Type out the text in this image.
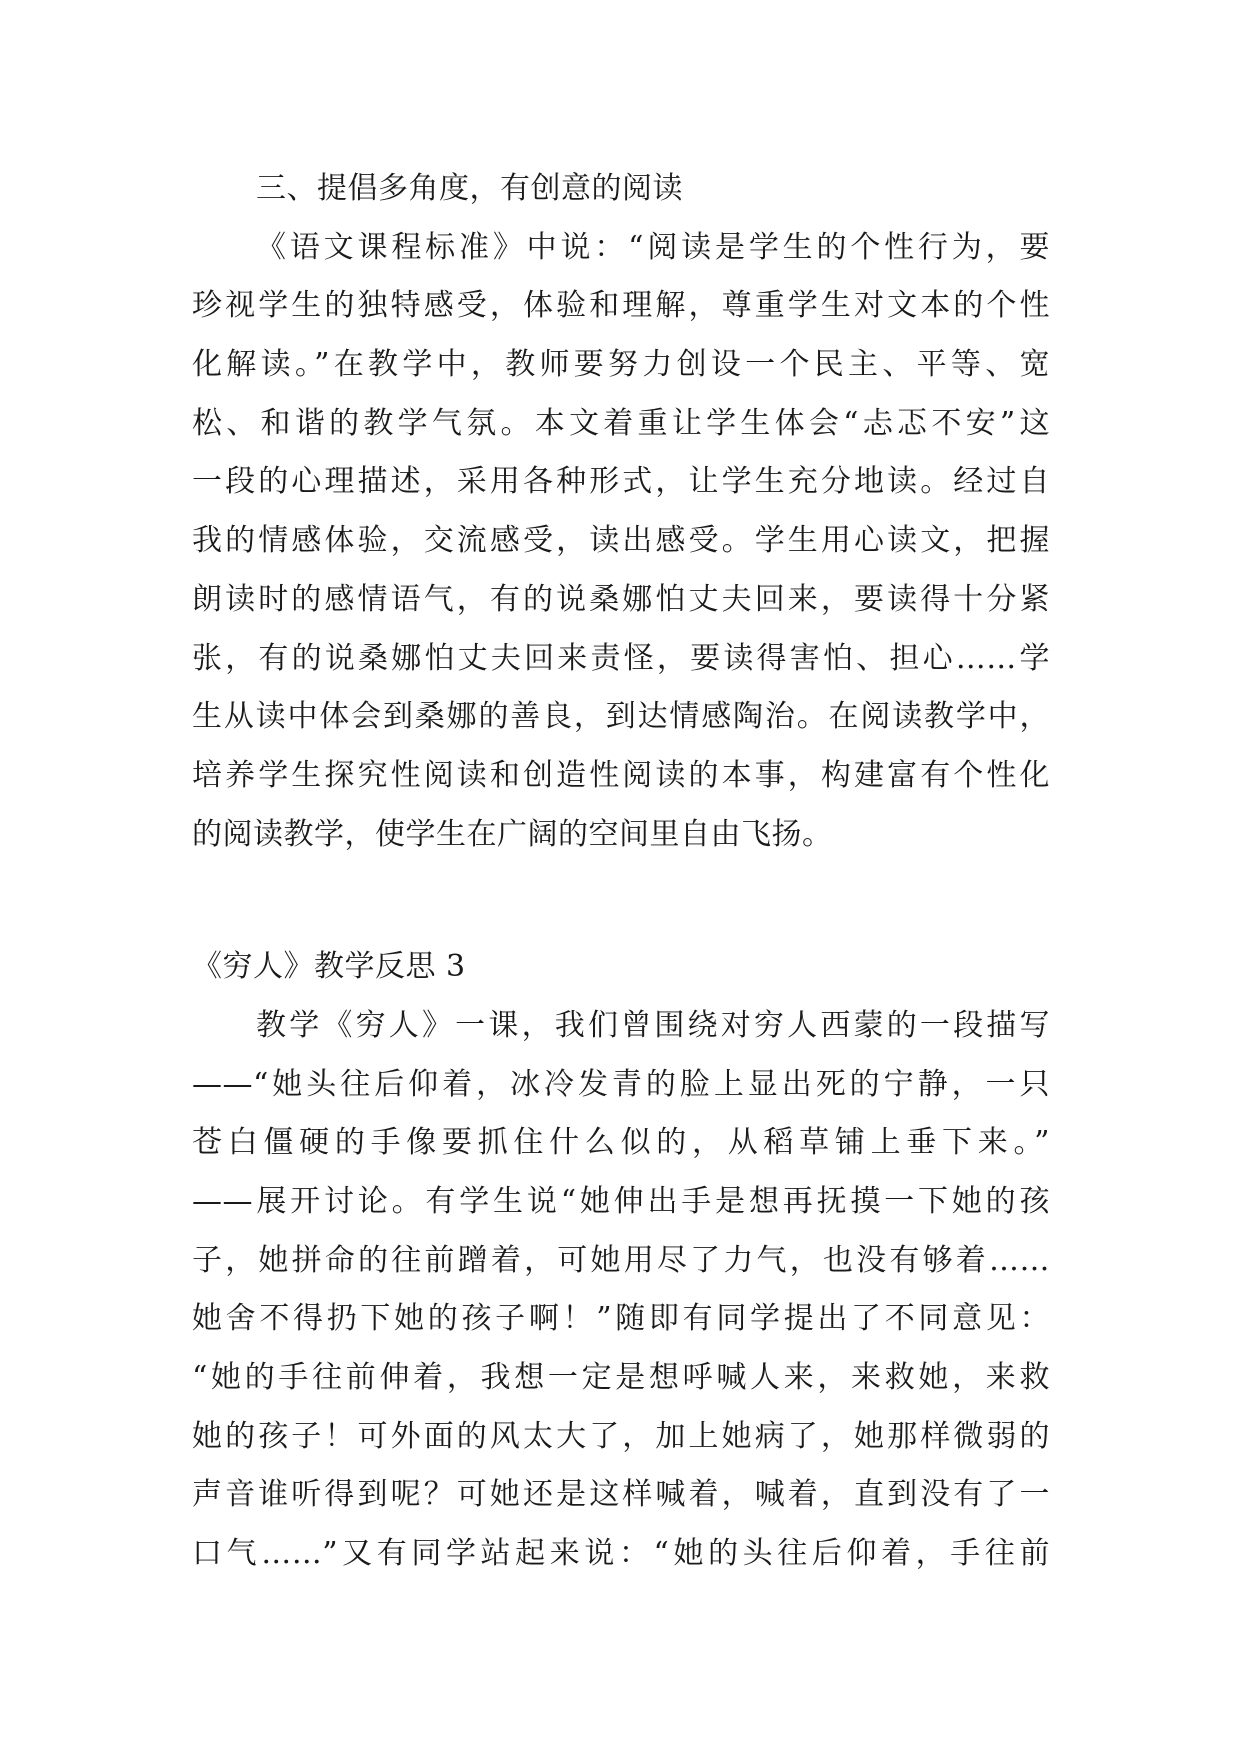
三、提倡多角度，有创意的阅读
《语文课程标准》中说：“阅读是学生的个性行为，要
珍视学生的独特感受，体验和理解，尊重学生对文本的个性
化解读。”在教学中，教师要努力创设一个民主、平等、宽
松、和谐的教学气氛。本文着重让学生体会“忐忑不安”这
一段的心理描述，采用各种形式，让学生充分地读。经过自
我的情感体验，交流感受，读出感受。学生用心读文，把握
朗读时的感情语气，有的说桑娜怕丈夫回来，要读得十分紧
张，有的说桑娜怕丈夫回来责怪，要读得害怕、担心……学
生从读中体会到桑娜的善良，到达情感陶治。在阅读教学中，
培养学生探究性阅读和创造性阅读的本事，构建富有个性化
的阅读教学，使学生在广阔的空间里自由飞扬。
《穷人》教学反思 3
教学《穷人》一课，我们曾围绕对穷人西蒙的一段描写
——“她头往后仰着，冰冷发青的脸上显出死的宁静，一只
苍白僵硬的手像要抓住什么似的，从稻草铺上垂下来。”
——展开讨论。有学生说“她伸出手是想再抚摸一下她的孩
子，她拼命的往前蹭着，可她用尽了力气，也没有够着……
她舍不得扔下她的孩子啊！”随即有同学提出了不同意见：
“她的手往前伸着，我想一定是想呼喊人来，来救她，来救
她的孩子！可外面的风太大了，加上她病了，她那样微弱的
声音谁听得到呢？可她还是这样喊着，喊着，直到没有了一
口气……”又有同学站起来说：“她的头往后仰着，手往前
